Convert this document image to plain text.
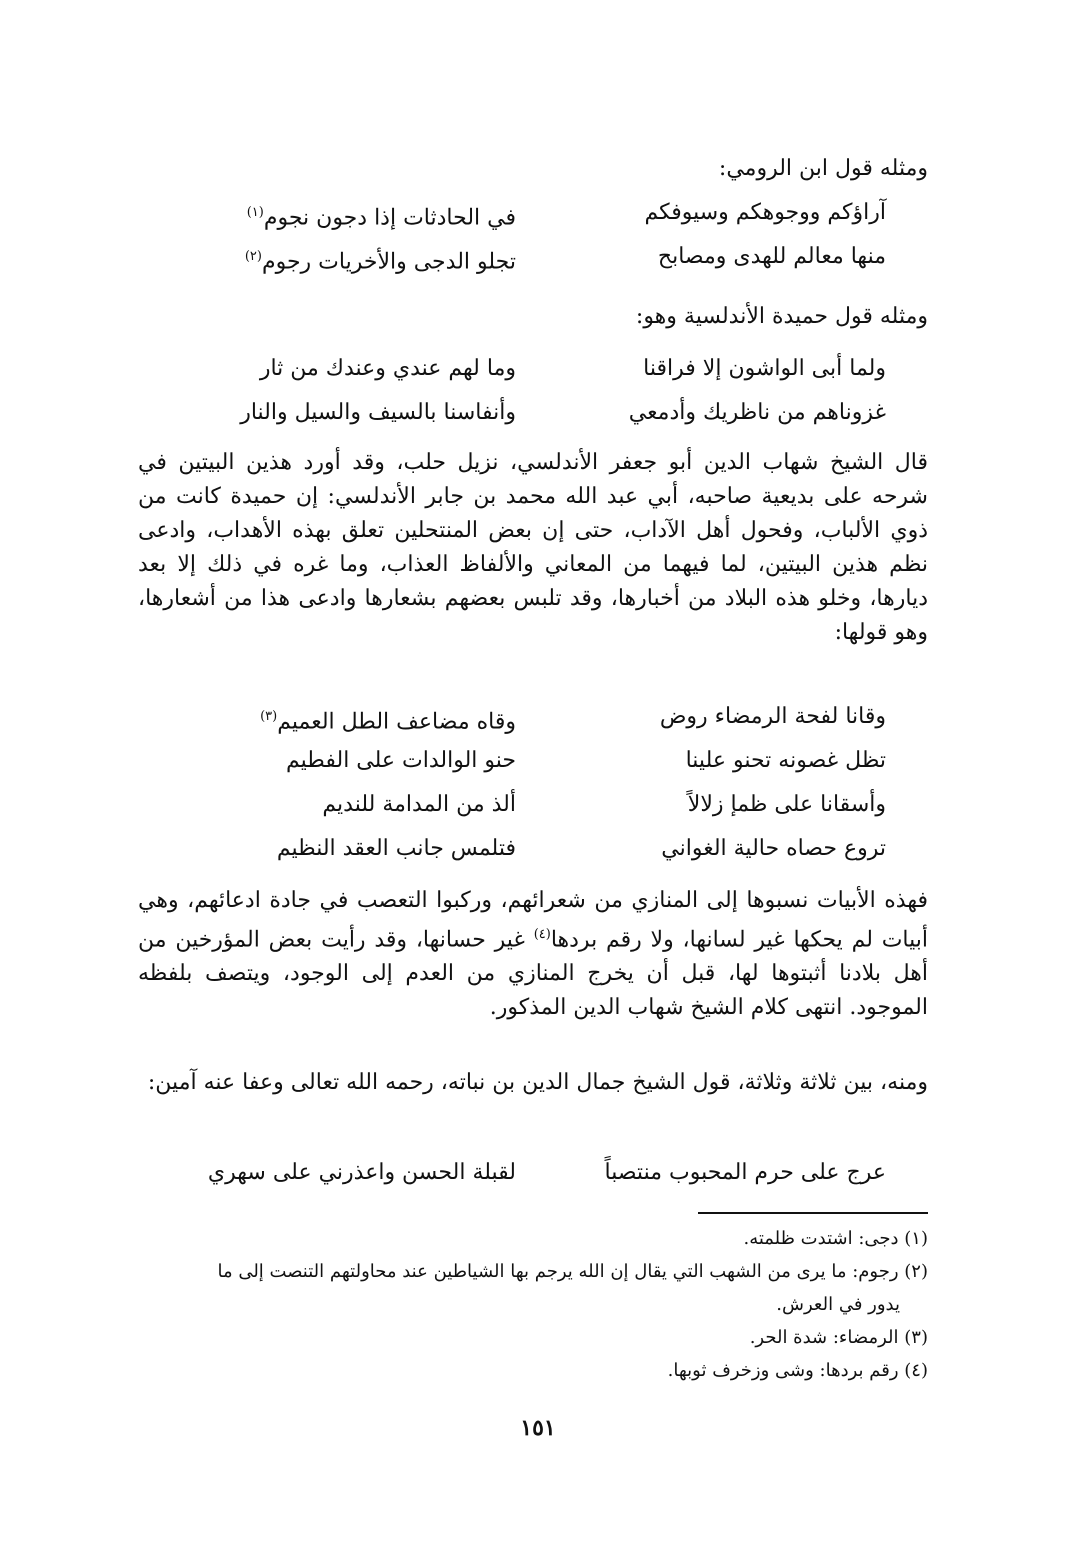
ومثله قول ابن الرومي:
آراؤكم ووجوهكم وسيوفكم
في الحادثات إذا دجون نجوم$^{(١)}$
منها معالم للهدى ومصابح
تجلو الدجى والأخريات رجوم$^{(٢)}$
ومثله قول حميدة الأندلسية وهو:
ولما أبى الواشون إلا فراقنا
وما لهم عندي وعندك من ثار
غزوناهم من ناظريك وأدمعي
وأنفاسنا بالسيف والسيل والنار
قال الشيخ شهاب الدين أبو جعفر الأندلسي، نزيل حلب، وقد أورد هذين البيتين في شرحه على بديعية صاحبه، أبي عبد الله محمد بن جابر الأندلسي: إن حميدة كانت من ذوي الألباب، وفحول أهل الآداب، حتى إن بعض المنتحلين تعلق بهذه الأهداب، وادعى نظم هذين البيتين، لما فيهما من المعاني والألفاظ العذاب، وما غره في ذلك إلا بعد ديارها، وخلو هذه البلاد من أخبارها، وقد تلبس بعضهم بشعارها وادعى هذا من أشعارها، وهو قولها:
وقانا لفحة الرمضاء روض
وقاه مضاعف الطل العميم$^{(٣)}$
تظل غصونه تحنو علينا
حنو الوالدات على الفطيم
وأسقانا على ظمإ زلالاً
ألذ من المدامة للنديم
تروع حصاه حالية الغواني
فتلمس جانب العقد النظيم
فهذه الأبيات نسبوها إلى المنازي من شعرائهم، وركبوا التعصب في جادة ادعائهم، وهي أبيات لم يحكها غير لسانها، ولا رقم بردها$^{(٤)}$ غير حسانها، وقد رأيت بعض المؤرخين من أهل بلادنا أثبتوها لها، قبل أن يخرج المنازي من العدم إلى الوجود، ويتصف بلفظه الموجود. انتهى كلام الشيخ شهاب الدين المذكور.
ومنه، بين ثلاثة وثلاثة، قول الشيخ جمال الدين بن نباته، رحمه الله تعالى وعفا عنه آمين:
عرج على حرم المحبوب منتصباً
لقبلة الحسن واعذرني على سهري

(١) دجى: اشتدت ظلمته.

(٢) رجوم: ما يرى من الشهب التي يقال إن الله يرجم بها الشياطين عند محاولتهم التنصت إلى ما

يدور في العرش.

(٣) الرمضاء: شدة الحر.

(٤) رقم بردها: وشى وزخرف ثوبها.

١٥١
